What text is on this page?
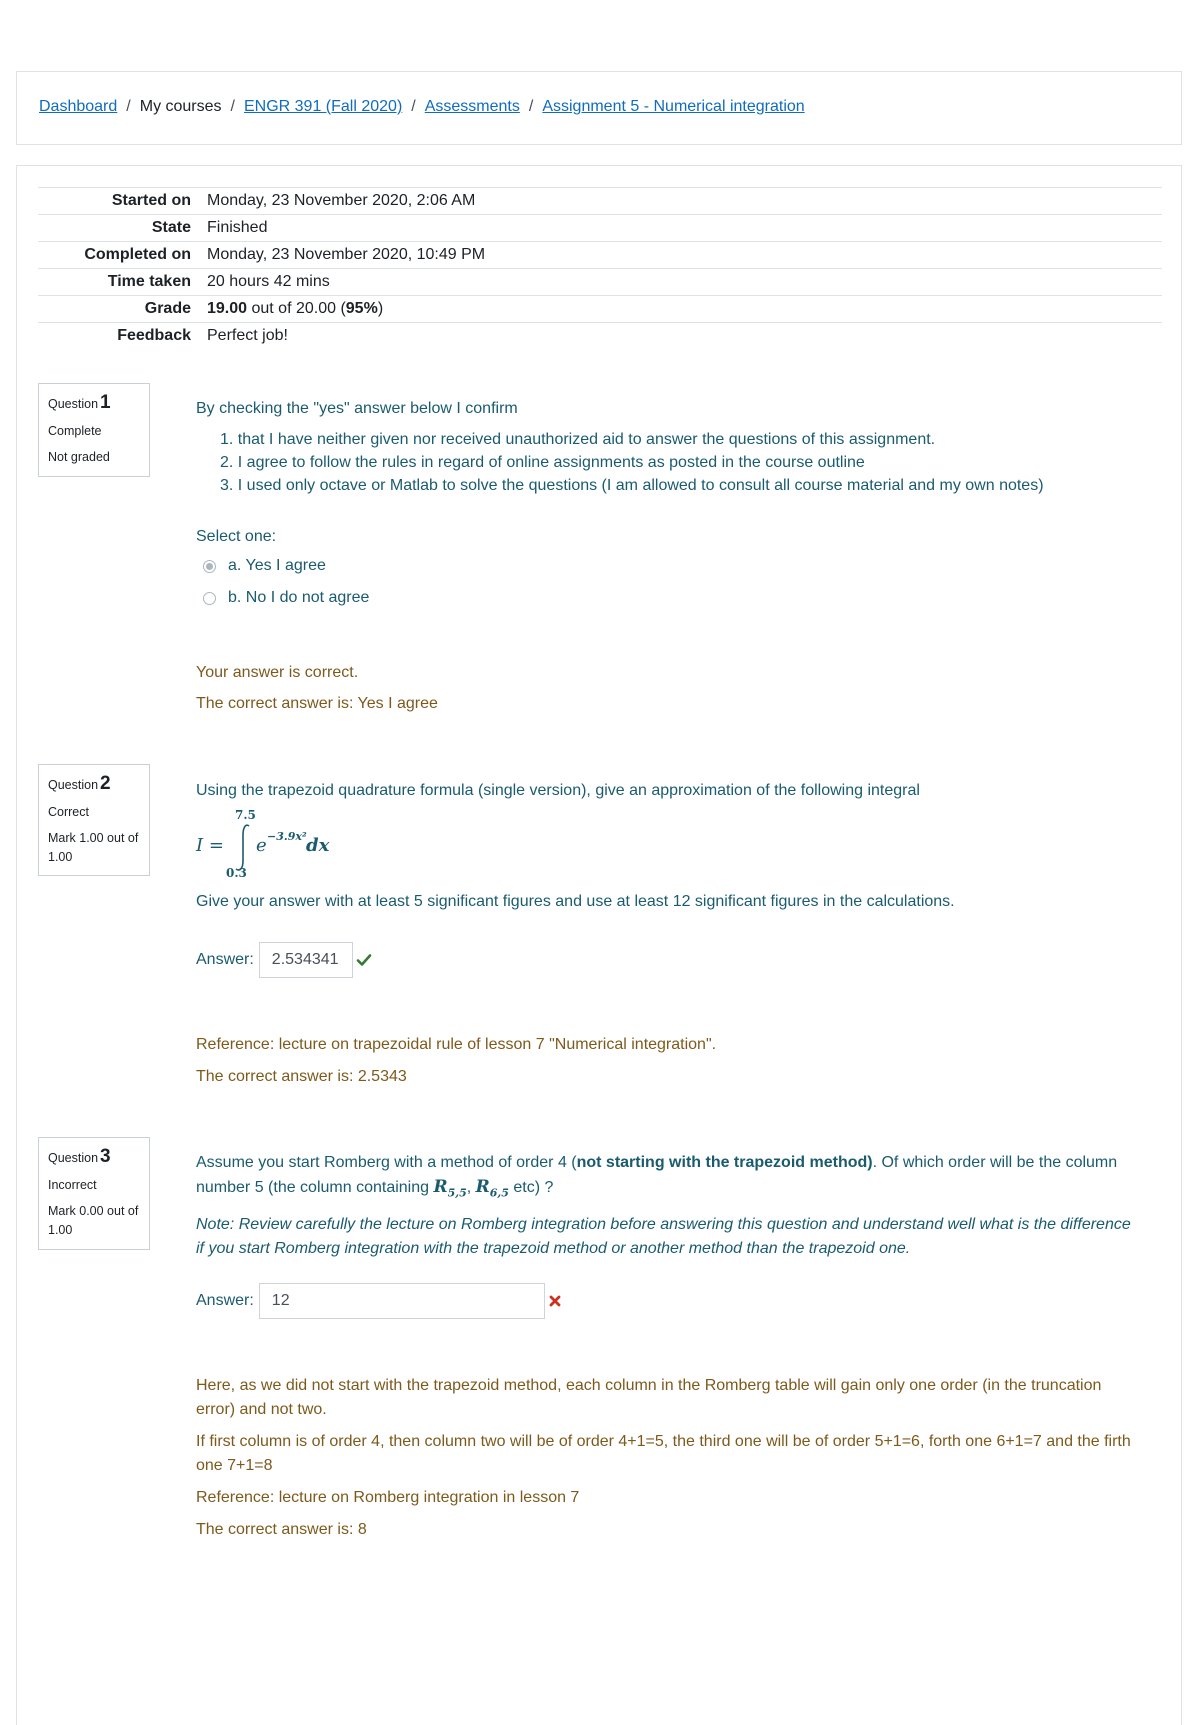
Dashboard / My courses / ENGR 391 (Fall 2020) / Assessments / Assignment 5 - Numerical integration
Started on	Monday, 23 November 2020, 2:06 AM
State	Finished
Completed on	Monday, 23 November 2020, 10:49 PM
Time taken	20 hours 42 mins
Grade	19.00 out of 20.00 (95%)
Feedback	Perfect job!
Question 1
Complete
Not graded

By checking the "yes" answer below I confirm

1. that I have neither given nor received unauthorized aid to answer the questions of this assignment.
2. I agree to follow the rules in regard of online assignments as posted in the course outline
3. I used only octave or Matlab to solve the questions (I am allowed to consult all course material and my own notes)

Select one:

a. Yes I agree
b. No I do not agree

Your answer is correct.

The correct answer is: Yes I agree

Question 2
Correct
Mark 1.00 out of 1.00

Using the trapezoid quadrature formula (single version), give an approximation of the following integral

I =
7.5
0.3
e −3.9x² dx

Give your answer with at least 5 significant figures and use at least 12 significant figures in the calculations.

Answer:	2.534341

Reference: lecture on trapezoidal rule of lesson 7 "Numerical integration".

The correct answer is: 2.5343

Question 3
Incorrect
Mark 0.00 out of 1.00

Assume you start Romberg with a method of order 4 (not starting with the trapezoid method). Of which order will be the column number 5 (the column containing $R_{5,5}$, $R_{6,5}$ etc) ?

Note: Review carefully the lecture on Romberg integration before answering this question and understand well what is the difference if you start Romberg integration with the trapezoid method or another method than the trapezoid one.

Answer:	12

Here, as we did not start with the trapezoid method, each column in the Romberg table will gain only one order (in the truncation error) and not two.

If first column is of order 4, then column two will be of order 4+1=5, the third one will be of order 5+1=6, forth one 6+1=7 and the firth one 7+1=8

Reference: lecture on Romberg integration in lesson 7

The correct answer is: 8
